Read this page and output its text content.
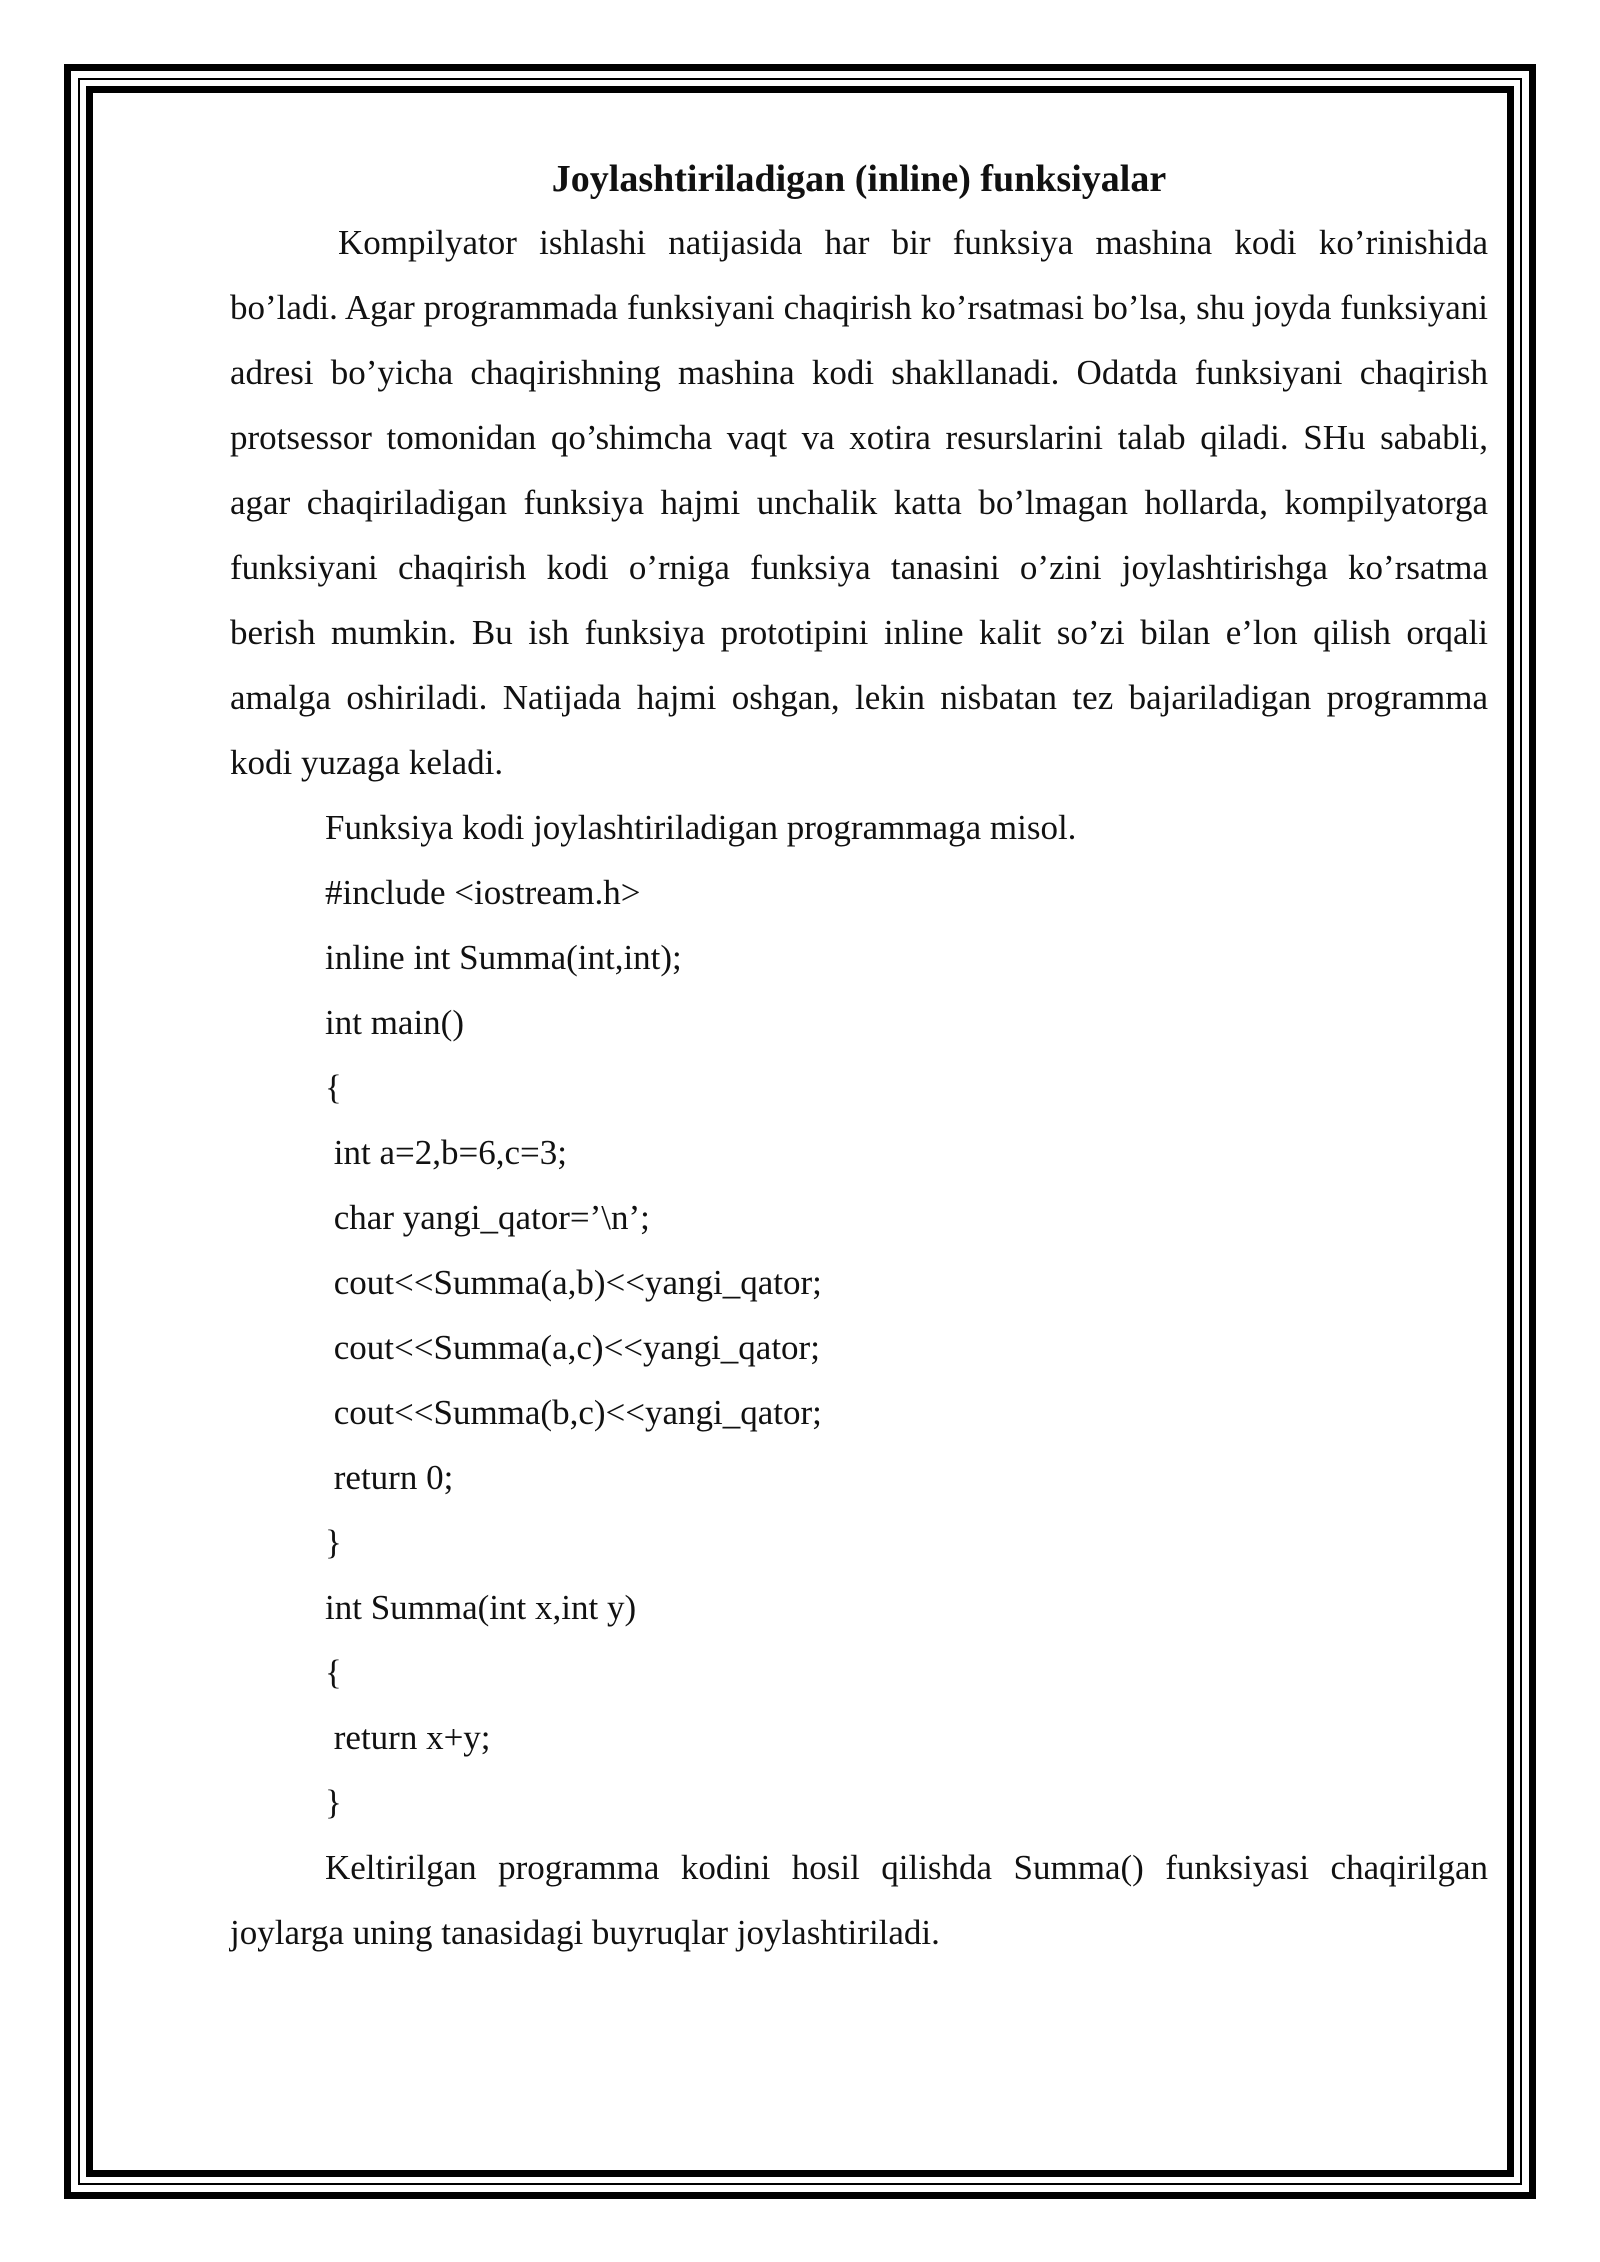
Joylashtiriladigan (inline) funksiyalar

Kompilyator ishlashi natijasida har bir funksiya mashina kodi ko’rinishida bo’ladi. Agar programmada funksiyani chaqirish ko’rsatmasi bo’lsa, shu joyda funksiyani adresi bo’yicha chaqirishning mashina kodi shakllanadi. Odatda funksiyani chaqirish protsessor tomonidan qo’shimcha vaqt va xotira resurslarini talab qiladi. SHu sababli, agar chaqiriladigan funksiya hajmi unchalik katta bo’lmagan hollarda, kompilyatorga funksiyani chaqirish kodi o’rniga funksiya tanasini o’zini joylashtirishga ko’rsatma berish mumkin. Bu ish funksiya prototipini inline kalit so’zi bilan e’lon qilish orqali amalga oshiriladi. Natijada hajmi oshgan, lekin nisbatan tez bajariladigan programma kodi yuzaga keladi.

Funksiya kodi joylashtiriladigan programmaga misol.

#include <iostream.h>
inline int Summa(int,int);
int main()
{
int a=2,b=6,c=3;
char yangi_qator=’\n’;
cout<<Summa(a,b)<<yangi_qator;
cout<<Summa(a,c)<<yangi_qator;
cout<<Summa(b,c)<<yangi_qator;
return 0;
}
int Summa(int x,int y)
{
return x+y;
}

Keltirilgan programma kodini hosil qilishda Summa() funksiyasi chaqirilgan joylarga uning tanasidagi buyruqlar joylashtiriladi.
